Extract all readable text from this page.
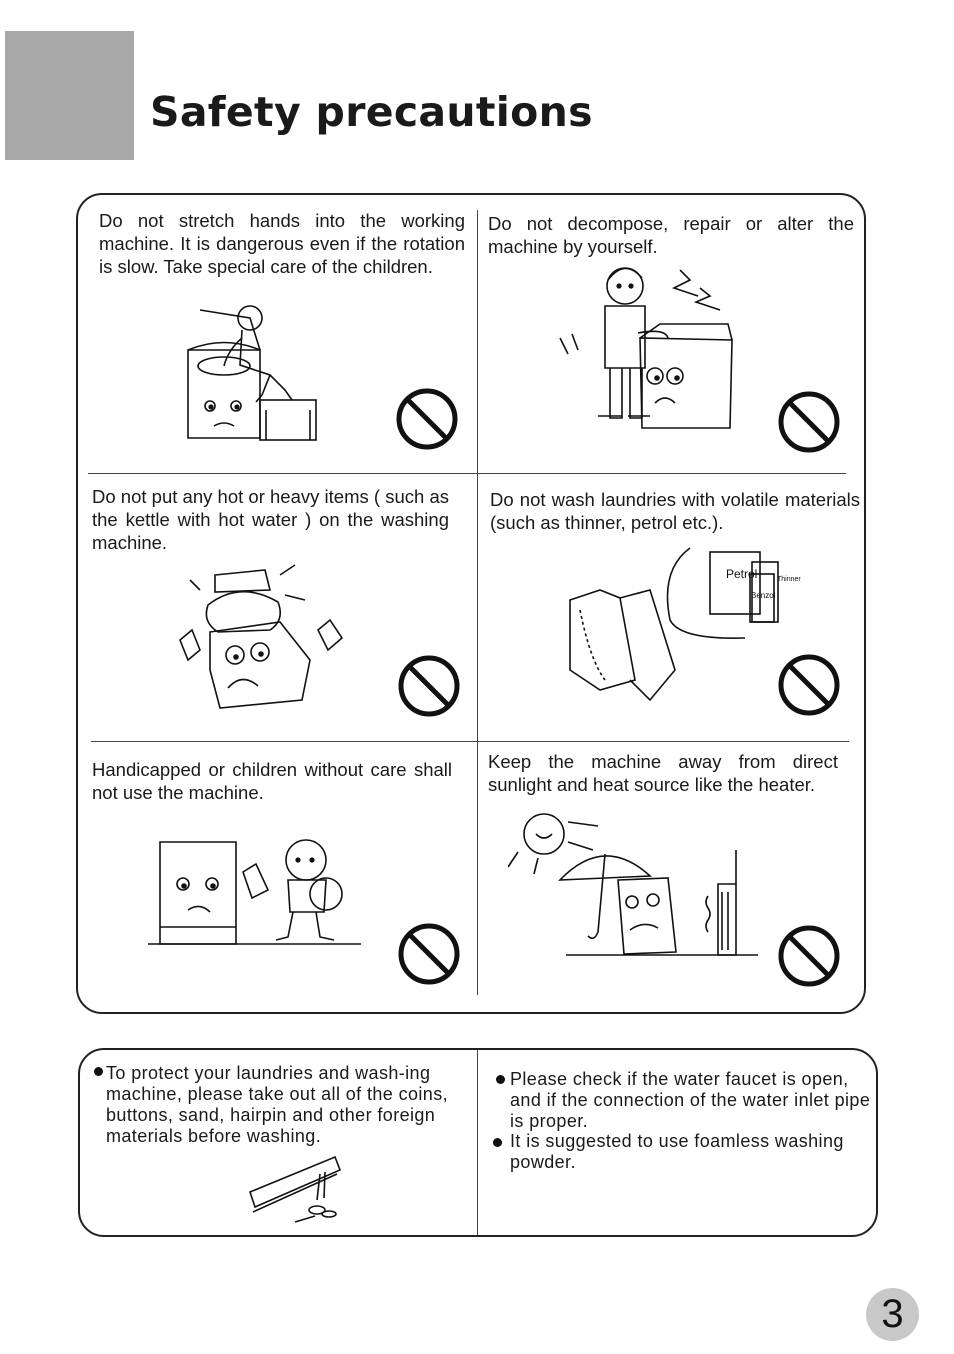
Safety precautions

Do not stretch hands into the working machine. It is dangerous even if the rotation is slow. Take special care of the children.

Do not decompose, repair or alter the machine by yourself.

Do not put any hot or heavy items ( such as the kettle with hot water ) on the washing machine.

Do not wash laundries with volatile materials (such as thinner, petrol etc.).

Petrol	Thinner
Benzol

Handicapped or children without care shall not use the machine.

Keep the machine away from direct sunlight and heat source like the heater.

To protect your laundries and wash-ing machine, please take out all of the coins, buttons, sand, hairpin and other foreign materials before washing.

Please check if the water faucet is open, and if the connection of the water inlet pipe is proper.

It is suggested to use foamless washing powder.

3
